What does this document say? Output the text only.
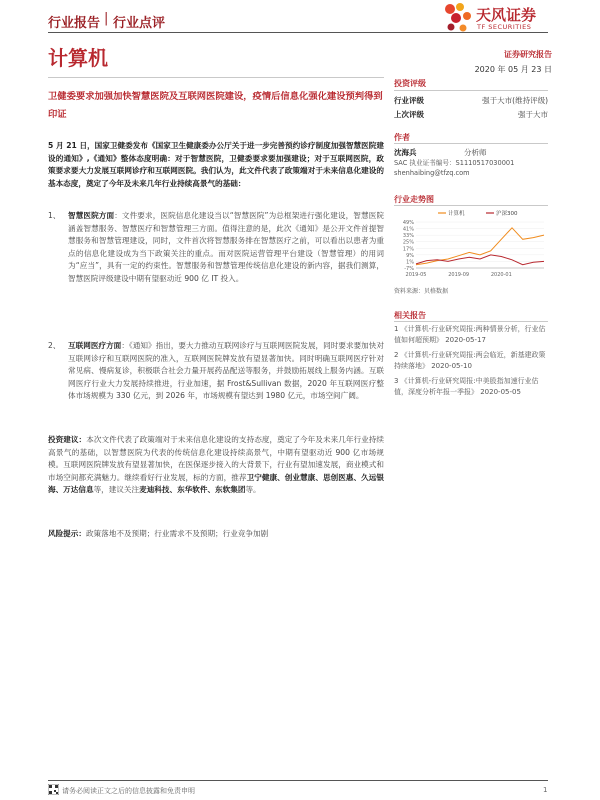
行业报告 | 行业点评	天风证券
TF SECURITIES
计算机	证券研究报告
2020 年 05 月 23 日
卫健委要求加强加快智慧医院及互联网医院建设，疫情后信息化强化建设预判得到印证
5 月 21 日，国家卫健委发布《国家卫生健康委办公厅关于进一步完善预约诊疗制度加强智慧医院建设的通知》,《通知》整体态度明确：对于智慧医院，卫健委要求要加强建设；对于互联网医院，政策要求要大力发展互联网诊疗和互联网医院。我们认为，此文件代表了政策端对于未来信息化建设的基本态度，奠定了今年及未来几年行业持续高景气的基础：
1、 智慧医院方面：文件要求，医院信息化建设当以“智慧医院”为总框架进行强化建设，智慧医院涵盖智慧服务、智慧医疗和智慧管理三方面。值得注意的是，此次《通知》是公开文件首提智慧服务和智慧管理建设，同时，文件首次将智慧服务排在智慧医疗之前，可以看出以患者为重点的信息化建设成为当下政策关注的重点。而对医院运营管理平台建设（智慧管理）的用词为“应当”，具有一定的约束性。智慧服务和智慧管理传统信息化建设的新内容，据我们测算，智慧医院评级建设中期有望驱动近 900 亿 IT 投入。
2、 互联网医疗方面：《通知》指出，要大力推动互联网诊疗与互联网医院发展，同时要求要加快对互联网诊疗和互联网医院的准入，互联网医院牌发放有望显著加快。同时明确互联网医疗针对常见病、慢病复诊，积极联合社会力量开展药品配送等服务，并鼓励拓展线上服务内涵。互联网医疗行业大力发展持续推进，行业加速，据 Frost&Sullivan 数据，2020 年互联网医疗整体市场规模为 330 亿元，到 2026 年，市场规模有望达到 1980 亿元，市场空间广阔。
投资建议：本次文件代表了政策端对于未来信息化建设的支持态度，奠定了今年及未来几年行业持续高景气的基础，以智慧医院为代表的传统信息化建设持续高景气，中期有望驱动近 900 亿市场规模。互联网医院牌发放有望显著加快，在医保逐步接入的大背景下，行业有望加速发展，商业模式和市场空间都充满魅力。继续看好行业发展，标的方面，推荐卫宁健康、创业慧康、思创医惠、久远银海、万达信息等，建议关注麦迪科技、东华软件、东软集团等。
风险提示：政策落地不及预期；行业需求不及预期；行业竞争加剧
投资评级
行业评级	强于大市(维持评级)
上次评级	强于大市
作者
沈海兵	分析师
SAC 执业证书编号：S1110517030001
shenhaibing@tfzq.com
行业走势图
49%
41%
33%
25%
17%
9%
1%
-7%
2019-05	2019-09	2020-01
计算机	沪深300
资料来源：贝格数据
相关报告
1 《计算机-行业研究周报:两种情景分析，行业估值如何超预期》 2020-05-17
2 《计算机-行业研究周报:两会临近，新基建政策持续落地》 2020-05-10
3 《计算机-行业研究周报:中美股指加速行业估值，深度分析年报一季报》 2020-05-05
请务必阅读正文之后的信息披露和免责申明	1
